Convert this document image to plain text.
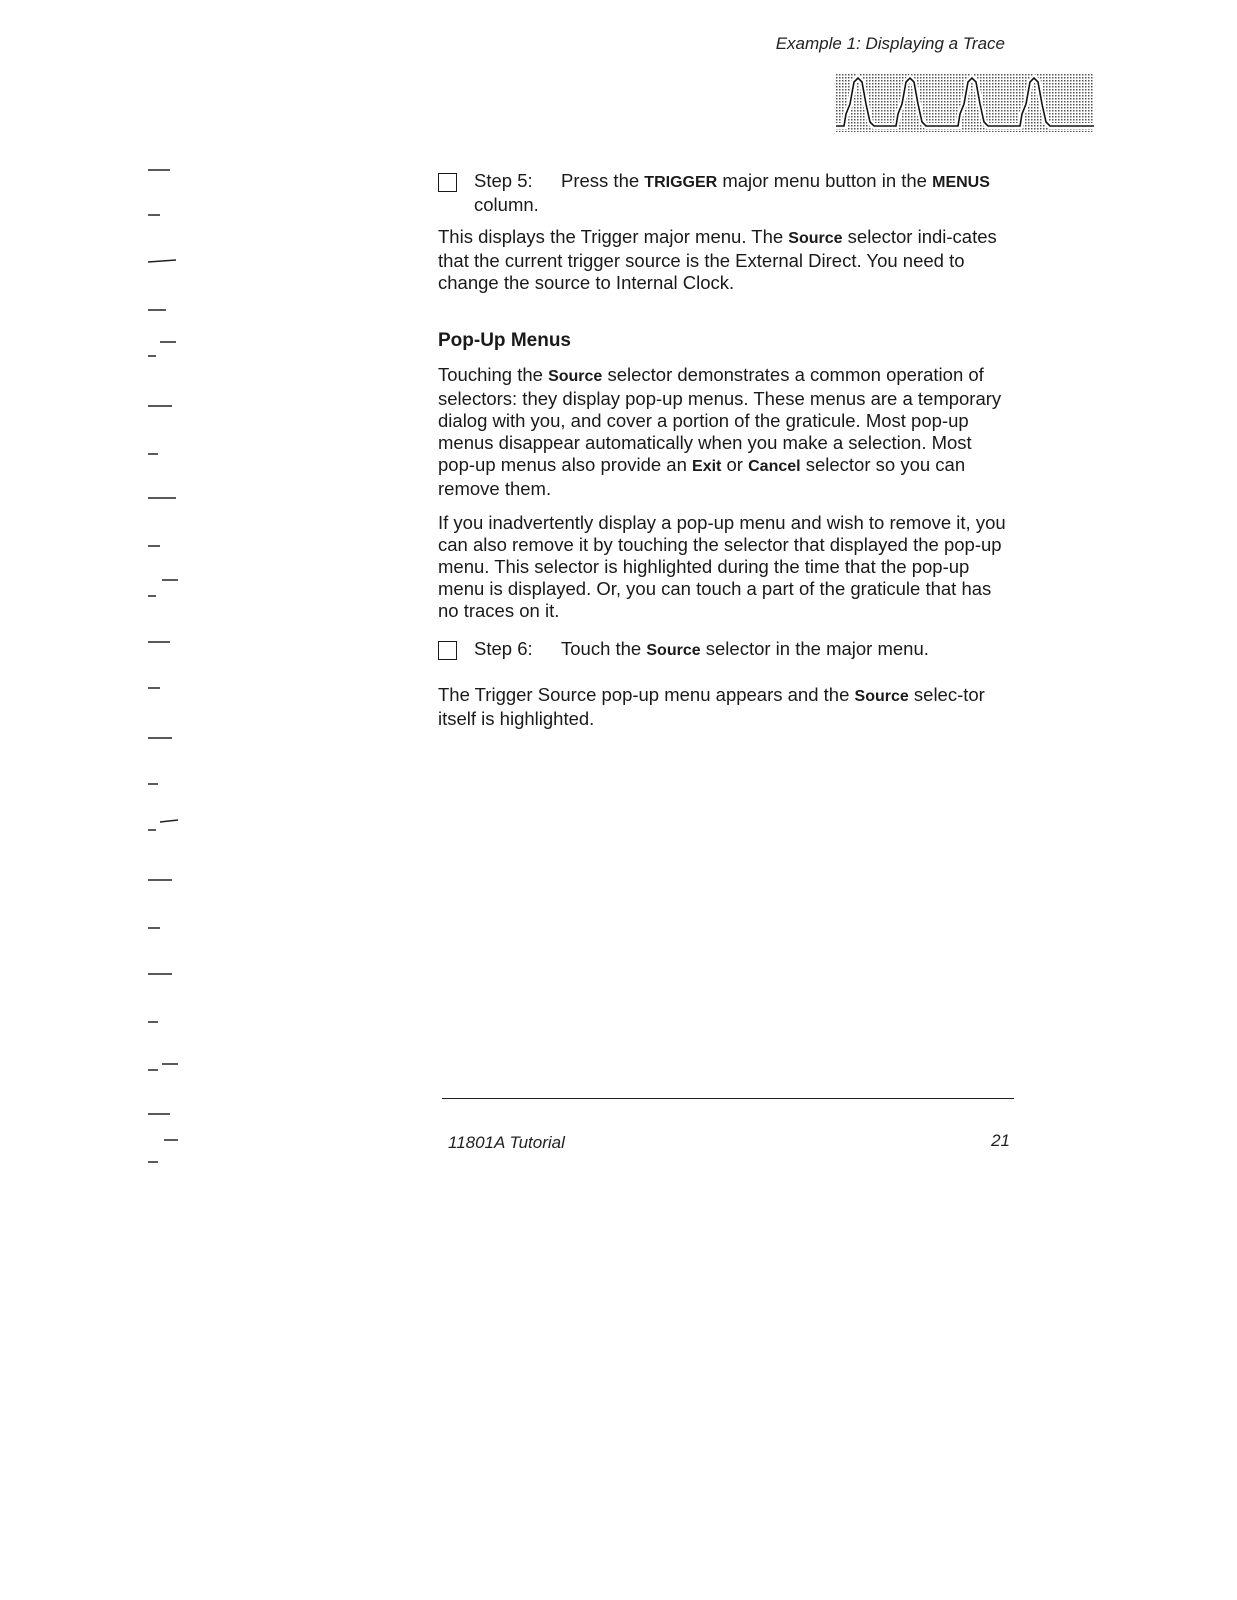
Example 1: Displaying a Trace
Step 5: Press the TRIGGER major menu button in the MENUS column.

This displays the Trigger major menu. The Source selector indi-cates that the current trigger source is the External Direct. You need to change the source to Internal Clock.

Pop-Up Menus

Touching the Source selector demonstrates a common operation of selectors: they display pop-up menus. These menus are a temporary dialog with you, and cover a portion of the graticule. Most pop-up menus disappear automatically when you make a selection. Most pop-up menus also provide an Exit or Cancel selector so you can remove them.

If you inadvertently display a pop-up menu and wish to remove it, you can also remove it by touching the selector that displayed the pop-up menu. This selector is highlighted during the time that the pop-up menu is displayed. Or, you can touch a part of the graticule that has no traces on it.

Step 6: Touch the Source selector in the major menu.

The Trigger Source pop-up menu appears and the Source selec-tor itself is highlighted.

11801A Tutorial	21
